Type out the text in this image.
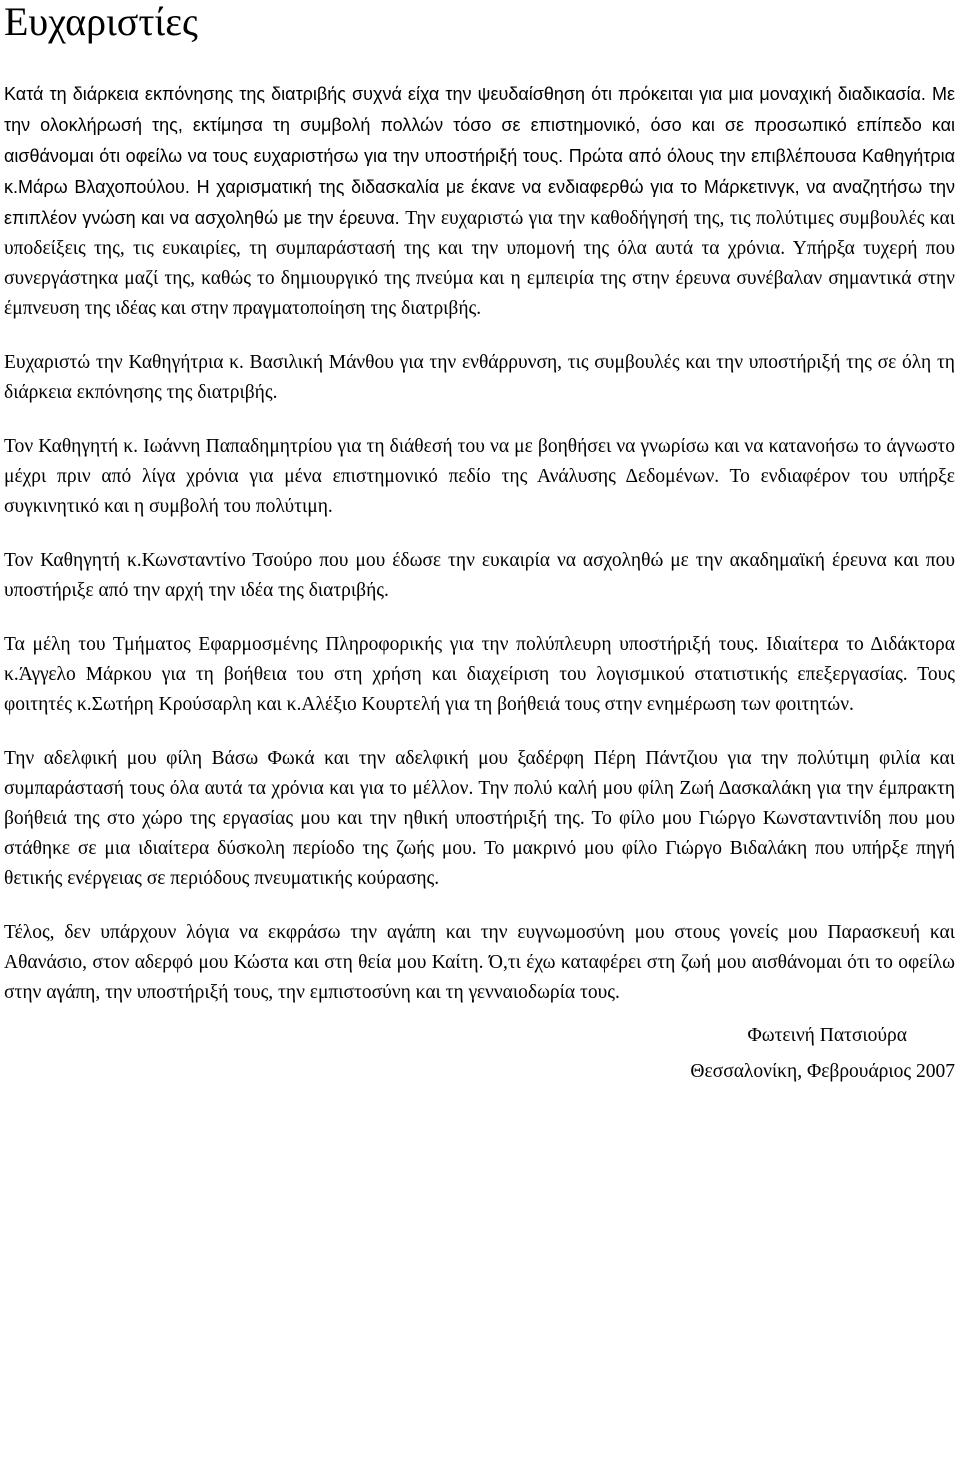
Ευχαριστίες

Κατά τη διάρκεια εκπόνησης της διατριβής συχνά είχα την ψευδαίσθηση ότι πρόκειται για μια μοναχική διαδικασία. Με την ολοκλήρωσή της, εκτίμησα τη συμβολή πολλών τόσο σε επιστημονικό, όσο και σε προσωπικό επίπεδο και αισθάνομαι ότι οφείλω να τους ευχαριστήσω για την υποστήριξή τους. Πρώτα από όλους την επιβλέπουσα Καθηγήτρια κ.Μάρω Βλαχοπούλου. Η χαρισματική της διδασκαλία με έκανε να ενδιαφερθώ για το Μάρκετινγκ, να αναζητήσω την επιπλέον γνώση και να ασχοληθώ με την έρευνα. Την ευχαριστώ για την καθοδήγησή της, τις πολύτιμες συμβουλές και υποδείξεις της, τις ευκαιρίες, τη συμπαράστασή της και την υπομονή της όλα αυτά τα χρόνια. Υπήρξα τυχερή που συνεργάστηκα μαζί της, καθώς το δημιουργικό της πνεύμα και η εμπειρία της στην έρευνα συνέβαλαν σημαντικά στην έμπνευση της ιδέας και στην πραγματοποίηση της διατριβής.

Ευχαριστώ την Καθηγήτρια κ. Βασιλική Μάνθου για την ενθάρρυνση, τις συμβουλές και την υποστήριξή της σε όλη τη διάρκεια εκπόνησης της διατριβής.

Τον Καθηγητή κ. Ιωάννη Παπαδημητρίου για τη διάθεσή του να με βοηθήσει να γνωρίσω και να κατανοήσω το άγνωστο μέχρι πριν από λίγα χρόνια για μένα επιστημονικό πεδίο της Ανάλυσης Δεδομένων. Το ενδιαφέρον του υπήρξε συγκινητικό και η συμβολή του πολύτιμη.

Τον Καθηγητή κ.Κωνσταντίνο Τσούρο που μου έδωσε την ευκαιρία να ασχοληθώ με την ακαδημαϊκή έρευνα και που υποστήριξε από την αρχή την ιδέα της διατριβής.

Τα μέλη του Τμήματος Εφαρμοσμένης Πληροφορικής για την πολύπλευρη υποστήριξή τους. Ιδιαίτερα το Διδάκτορα κ.Άγγελο Μάρκου για τη βοήθεια του στη χρήση και διαχείριση του λογισμικού στατιστικής επεξεργασίας. Τους φοιτητές κ.Σωτήρη Κρούσαρλη και κ.Αλέξιο Κουρτελή για τη βοήθειά τους στην ενημέρωση των φοιτητών.

Την αδελφική μου φίλη Βάσω Φωκά και την αδελφική μου ξαδέρφη Πέρη Πάντζιου για την πολύτιμη φιλία και συμπαράστασή τους όλα αυτά τα χρόνια και για το μέλλον. Την πολύ καλή μου φίλη Ζωή Δασκαλάκη για την έμπρακτη βοήθειά της στο χώρο της εργασίας μου και την ηθική υποστήριξή της. Το φίλο μου Γιώργο Κωνσταντινίδη που μου στάθηκε σε μια ιδιαίτερα δύσκολη περίοδο της ζωής μου. Το μακρινό μου φίλο Γιώργο Βιδαλάκη που υπήρξε πηγή θετικής ενέργειας σε περιόδους πνευματικής κούρασης.

Τέλος, δεν υπάρχουν λόγια να εκφράσω την αγάπη και την ευγνωμοσύνη μου στους γονείς μου Παρασκευή και Αθανάσιο, στον αδερφό μου Κώστα και στη θεία μου Καίτη. Ό,τι έχω καταφέρει στη ζωή μου αισθάνομαι ότι το οφείλω στην αγάπη, την υποστήριξή τους, την εμπιστοσύνη και τη γενναιοδωρία τους.

Φωτεινή Πατσιούρα
Θεσσαλονίκη, Φεβρουάριος 2007
